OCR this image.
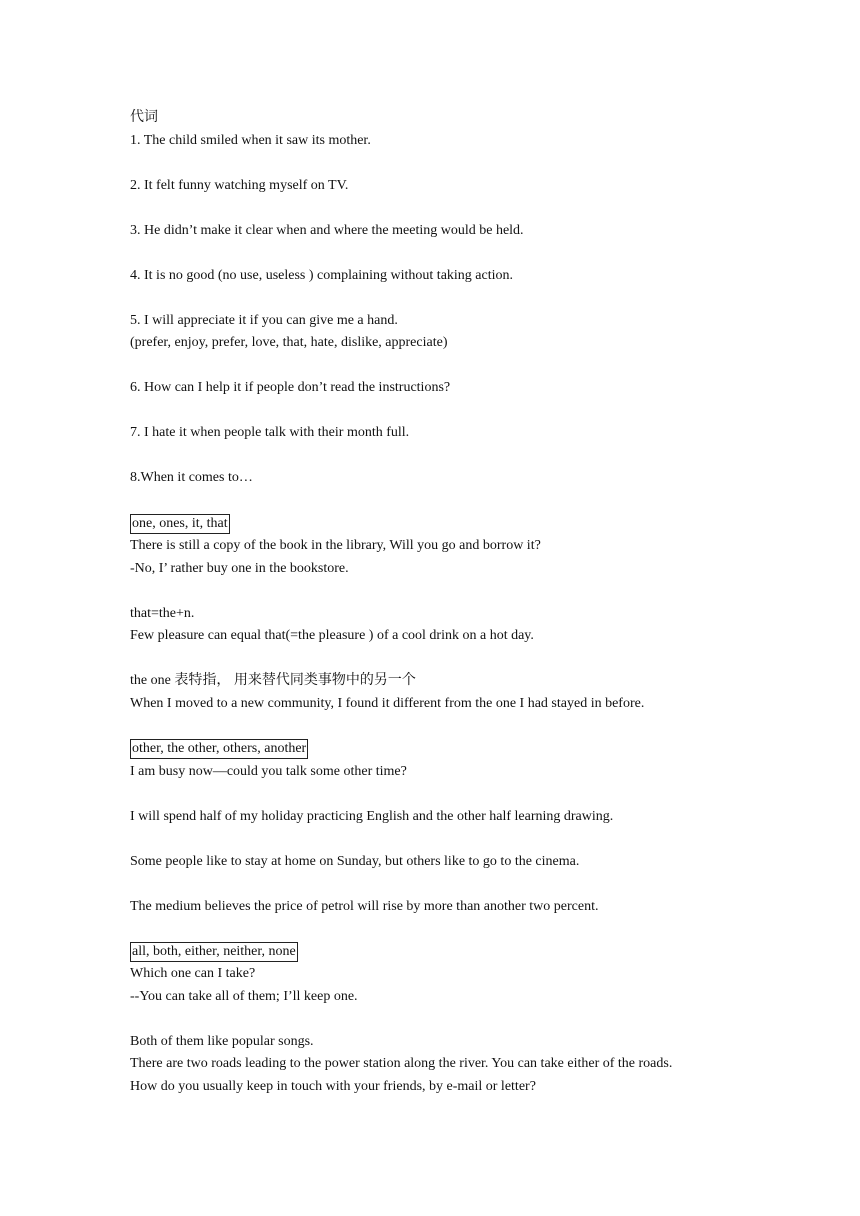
代词
1. The child smiled when it saw its mother.
2. It felt funny watching myself on TV.
3. He didn’t make it clear when and where the meeting would be held.
4. It is no good (no use, useless ) complaining without taking action.
5. I will appreciate it if you can give me a hand.
(prefer, enjoy, prefer, love, that, hate, dislike, appreciate)
6. How can I help it if people don’t read the instructions?
7. I hate it when people talk with their month full.
8.When it comes to…
one, ones, it, that
There is still a copy of the book in the library, Will you go and borrow it?
-No, I’ rather buy one in the bookstore.
that=the+n.
Few pleasure can equal that(=the pleasure ) of a cool drink on a hot day.
the one 表特指， 用来替代同类事物中的另一个
When I moved to a new community, I found it different from the one I had stayed in before.
other, the other, others, another
I am busy now—could you talk some other time?
I will spend half of my holiday practicing English and the other half learning drawing.
Some people like to stay at home on Sunday, but others like to go to the cinema.
The medium believes the price of petrol will rise by more than another two percent.
all, both, either, neither, none
Which one can I take?
--You can take all of them; I’ll keep one.
Both of them like popular songs.
There are two roads leading to the power station along the river. You can take either of the roads.
How do you usually keep in touch with your friends, by e-mail or letter?
